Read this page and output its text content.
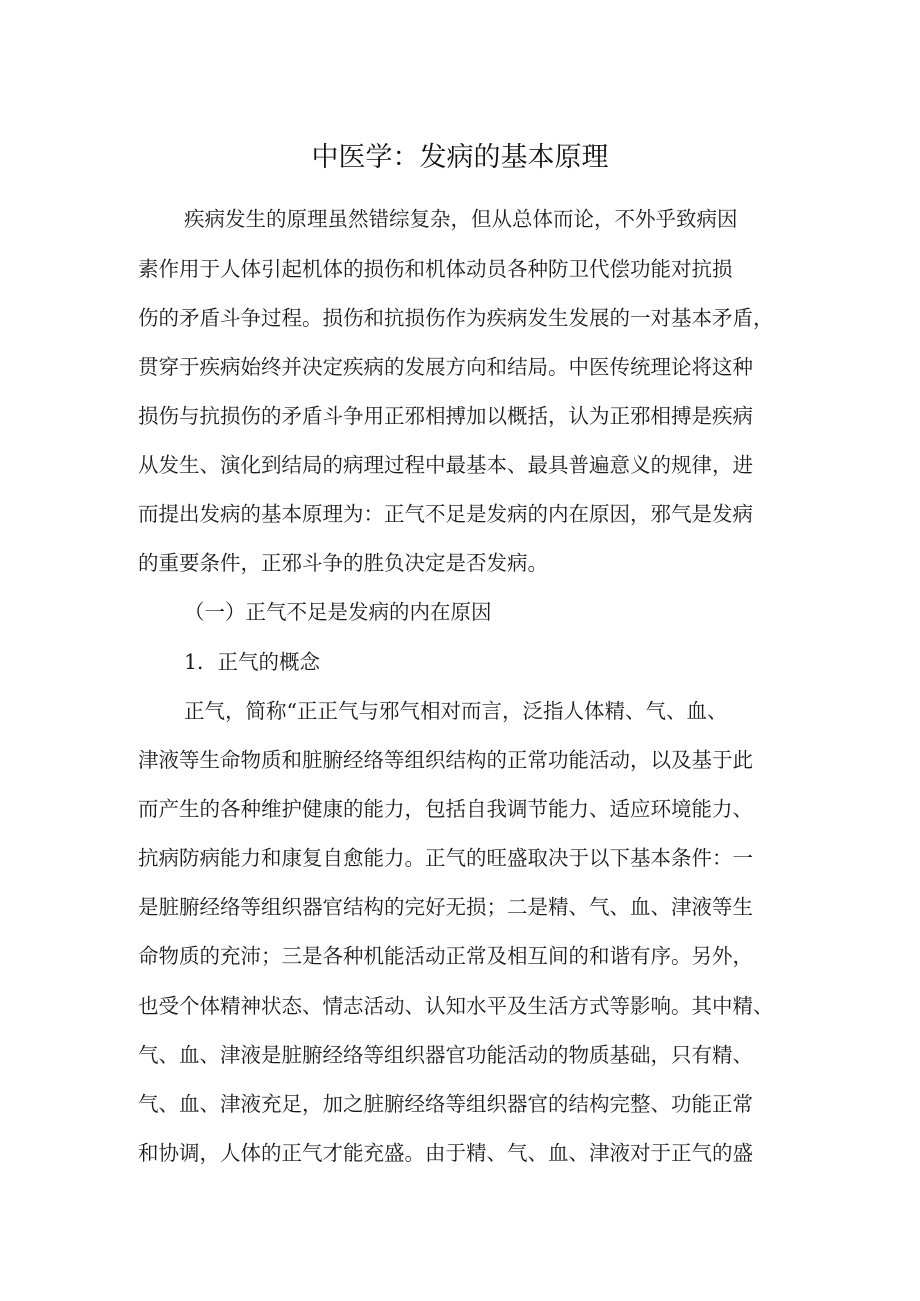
中医学：发病的基本原理
疾病发生的原理虽然错综复杂，但从总体而论，不外乎致病因
素作用于人体引起机体的损伤和机体动员各种防卫代偿功能对抗损
伤的矛盾斗争过程。损伤和抗损伤作为疾病发生发展的一对基本矛盾，
贯穿于疾病始终并决定疾病的发展方向和结局。中医传统理论将这种
损伤与抗损伤的矛盾斗争用正邪相搏加以概括，认为正邪相搏是疾病
从发生、演化到结局的病理过程中最基本、最具普遍意义的规律，进
而提出发病的基本原理为：正气不足是发病的内在原因，邪气是发病
的重要条件，正邪斗争的胜负决定是否发病。
（一）正气不足是发病的内在原因
1．正气的概念
正气，简称“正正气与邪气相对而言，泛指人体精、气、血、
津液等生命物质和脏腑经络等组织结构的正常功能活动，以及基于此
而产生的各种维护健康的能力，包括自我调节能力、适应环境能力、
抗病防病能力和康复自愈能力。正气的旺盛取决于以下基本条件：一
是脏腑经络等组织器官结构的完好无损；二是精、气、血、津液等生
命物质的充沛；三是各种机能活动正常及相互间的和谐有序。另外，
也受个体精神状态、情志活动、认知水平及生活方式等影响。其中精、
气、血、津液是脏腑经络等组织器官功能活动的物质基础，只有精、
气、血、津液充足，加之脏腑经络等组织器官的结构完整、功能正常
和协调，人体的正气才能充盛。由于精、气、血、津液对于正气的盛
